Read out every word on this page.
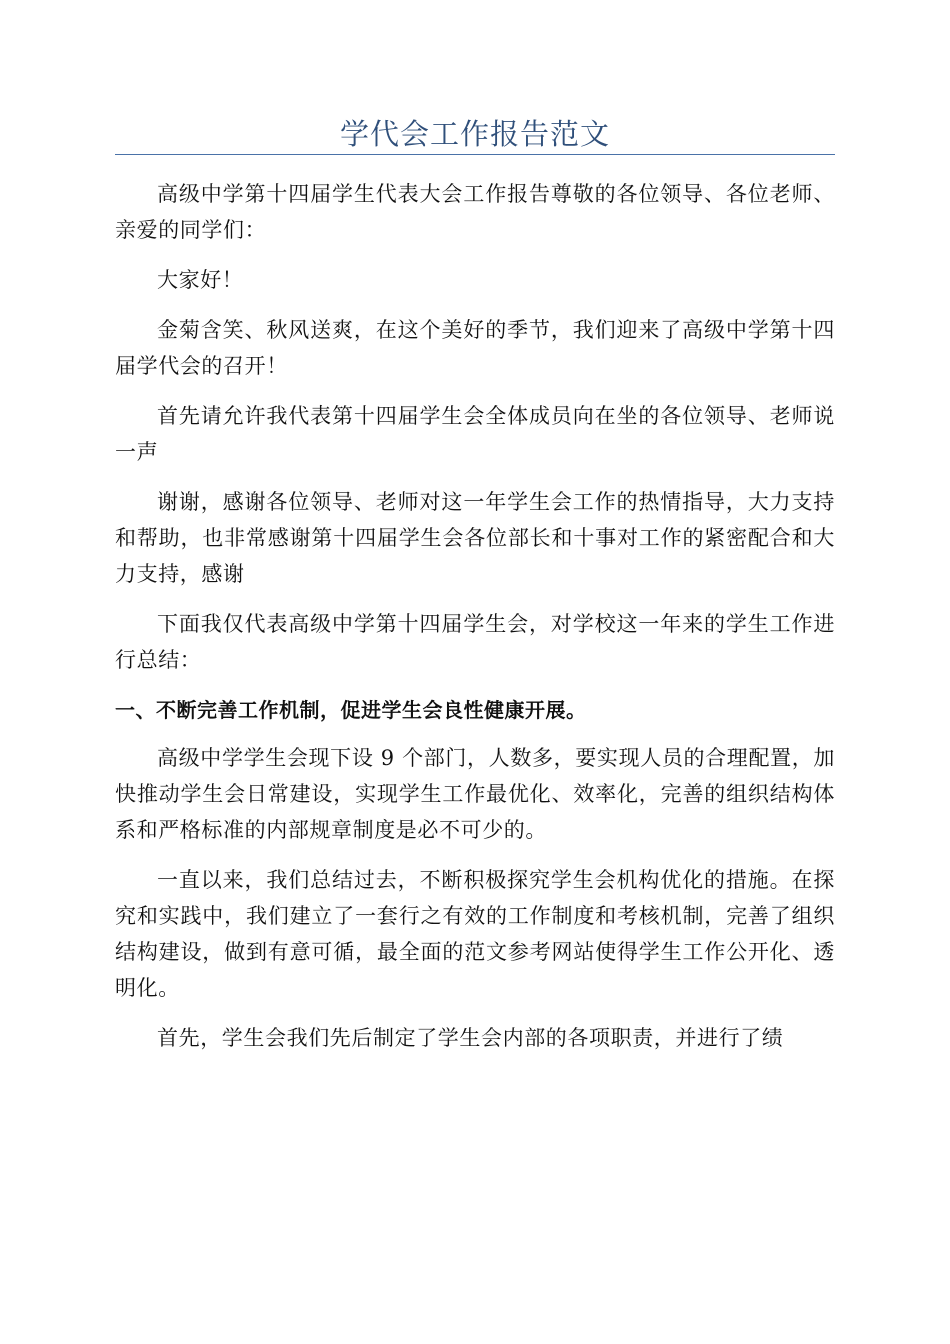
学代会工作报告范文

高级中学第十四届学生代表大会工作报告尊敬的各位领导、各位老师、亲爱的同学们：

大家好！

金菊含笑、秋风送爽，在这个美好的季节，我们迎来了高级中学第十四届学代会的召开！

首先请允许我代表第十四届学生会全体成员向在坐的各位领导、老师说一声

谢谢，感谢各位领导、老师对这一年学生会工作的热情指导，大力支持和帮助，也非常感谢第十四届学生会各位部长和十事对工作的紧密配合和大力支持，感谢

下面我仅代表高级中学第十四届学生会，对学校这一年来的学生工作进行总结：

一、不断完善工作机制，促进学生会良性健康开展。

高级中学学生会现下设 9 个部门，人数多，要实现人员的合理配置，加快推动学生会日常建设，实现学生工作最优化、效率化，完善的组织结构体系和严格标准的内部规章制度是必不可少的。

一直以来，我们总结过去，不断积极探究学生会机构优化的措施。在探究和实践中，我们建立了一套行之有效的工作制度和考核机制，完善了组织结构建设，做到有意可循，最全面的范文参考网站使得学生工作公开化、透明化。

首先，学生会我们先后制定了学生会内部的各项职责，并进行了绩
